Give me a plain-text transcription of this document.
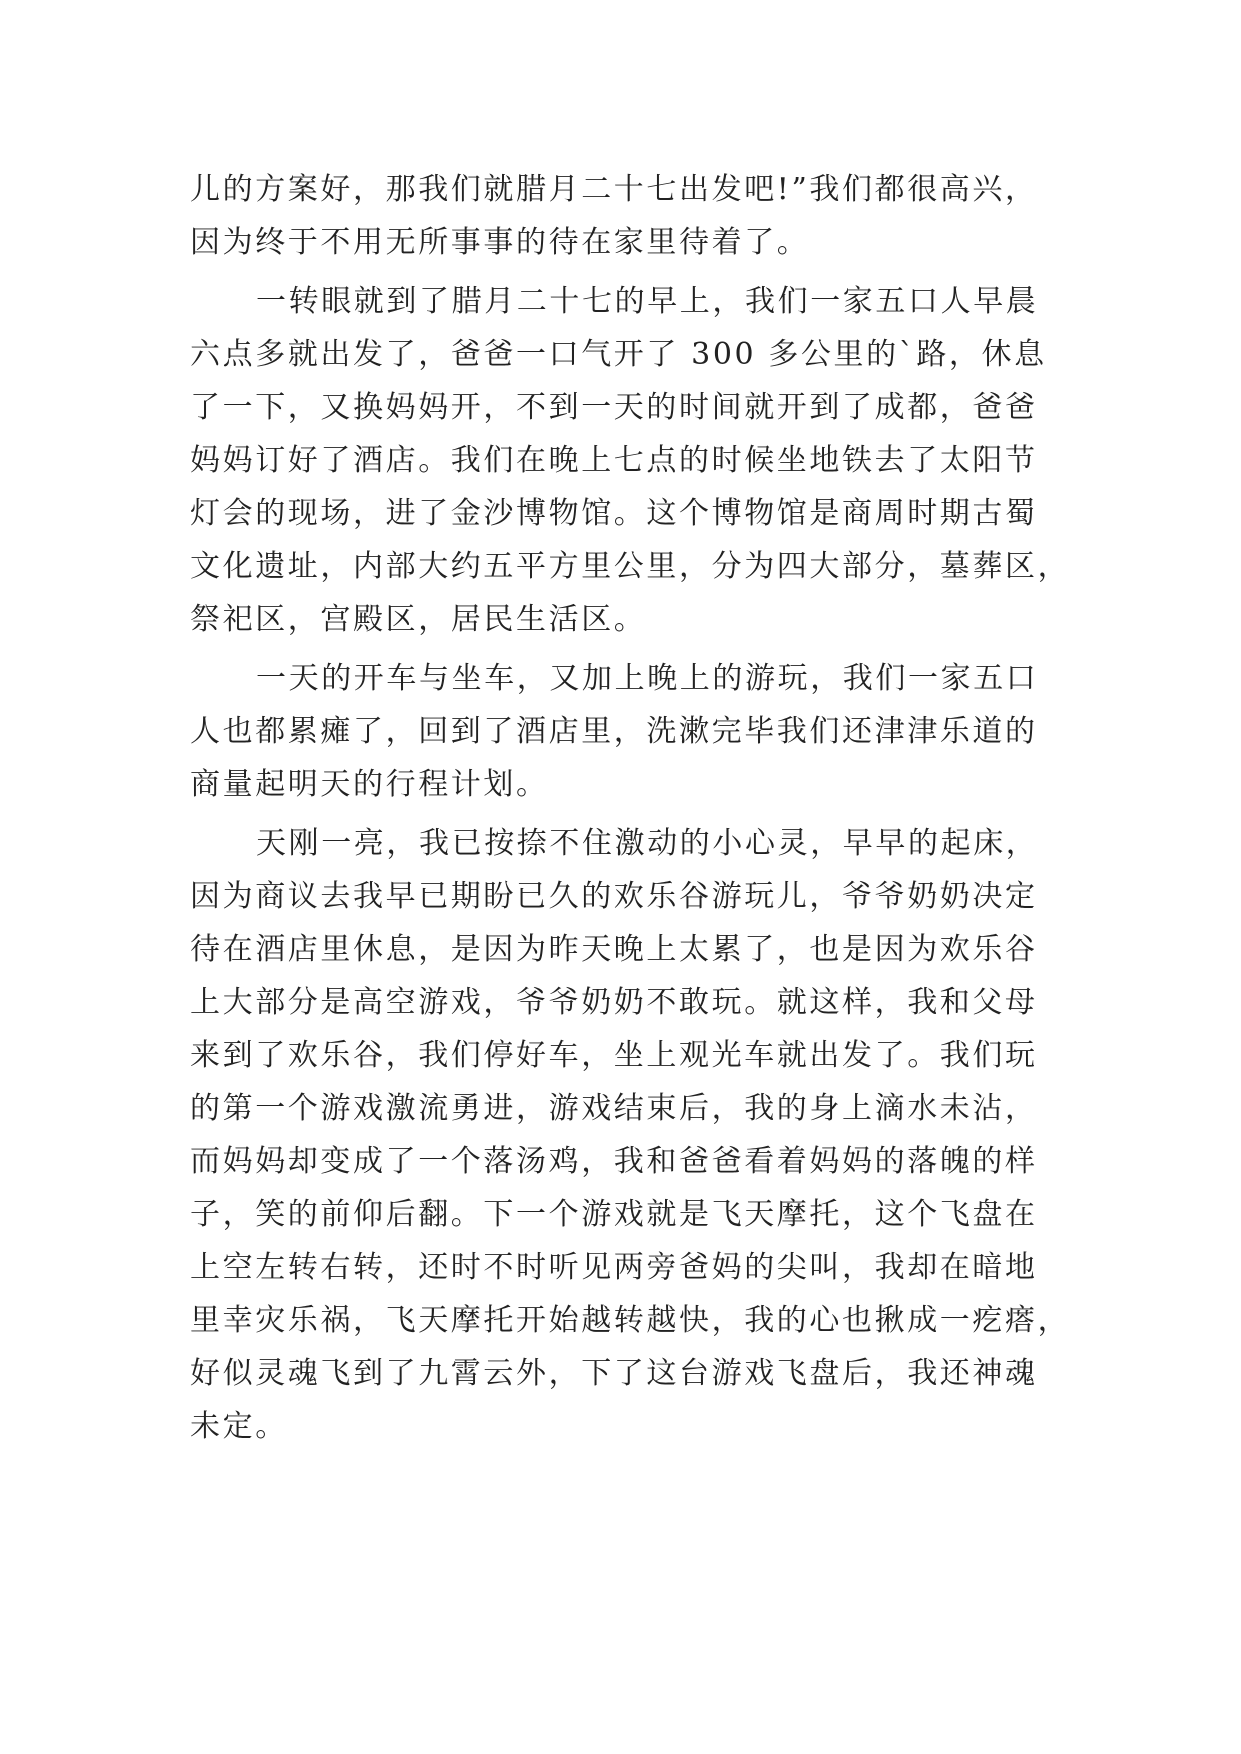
儿的方案好，那我们就腊月二十七出发吧!”我们都很高兴，
因为终于不用无所事事的待在家里待着了。
一转眼就到了腊月二十七的早上，我们一家五口人早晨
六点多就出发了，爸爸一口气开了 300 多公里的`路，休息
了一下，又换妈妈开，不到一天的时间就开到了成都，爸爸
妈妈订好了酒店。我们在晚上七点的时候坐地铁去了太阳节
灯会的现场，进了金沙博物馆。这个博物馆是商周时期古蜀
文化遗址，内部大约五平方里公里，分为四大部分，墓葬区，
祭祀区，宫殿区，居民生活区。
一天的开车与坐车，又加上晚上的游玩，我们一家五口
人也都累瘫了，回到了酒店里，洗漱完毕我们还津津乐道的
商量起明天的行程计划。
天刚一亮，我已按捺不住激动的小心灵，早早的起床，
因为商议去我早已期盼已久的欢乐谷游玩儿，爷爷奶奶决定
待在酒店里休息，是因为昨天晚上太累了，也是因为欢乐谷
上大部分是高空游戏，爷爷奶奶不敢玩。就这样，我和父母
来到了欢乐谷，我们停好车，坐上观光车就出发了。我们玩
的第一个游戏激流勇进，游戏结束后，我的身上滴水未沾，
而妈妈却变成了一个落汤鸡，我和爸爸看着妈妈的落魄的样
子，笑的前仰后翻。下一个游戏就是飞天摩托，这个飞盘在
上空左转右转，还时不时听见两旁爸妈的尖叫，我却在暗地
里幸灾乐祸，飞天摩托开始越转越快，我的心也揪成一疙瘩，
好似灵魂飞到了九霄云外，下了这台游戏飞盘后，我还神魂
未定。
